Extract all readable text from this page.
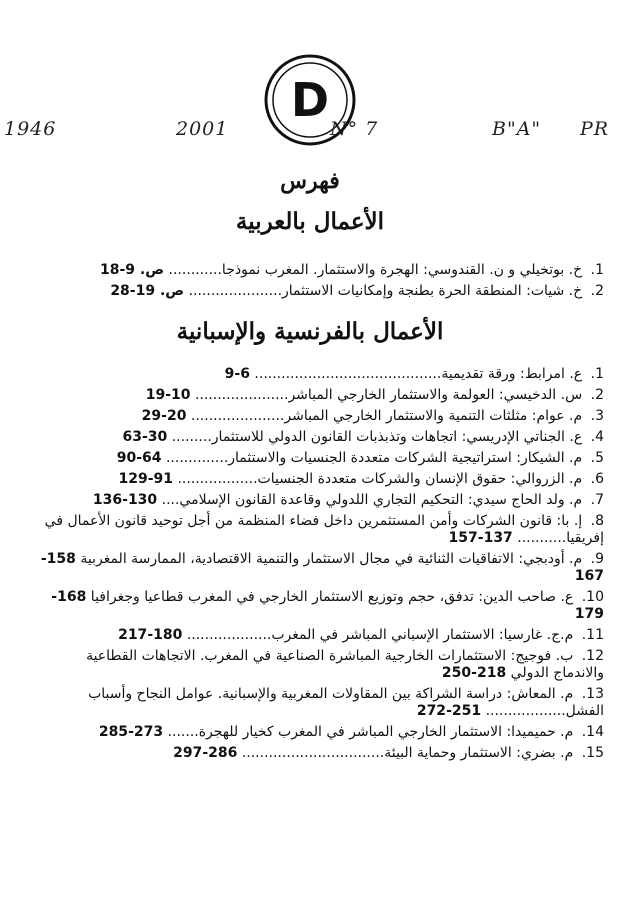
1946	2001	N° 7	B"A" PR
D
فهرس
الأعمال بالعربية
1. خ. بوتخيلي و ن. القندوسي: الهجرة والاستثمار. المغرب نموذجا............ ص. 9-18
2. خ. شيات: المنطقة الحرة بطنجة وإمكانيات الاستثمار..................... ص. 19-28
الأعمال بالفرنسية والإسبانية
1. ع. امرابط: ورقة تقديمية.......................................... 6-9
2. س. الدخيسي: العولمة والاستثمار الخارجي المباشر..................... 10-19
3. م. عوام: مثلثات التنمية والاستثمار الخارجي المباشر..................... 20-29
4. ع. الجناتي الإدريسي: اتجاهات وتذبذبات القانون الدولي للاستثمار......... 30-63
5. م. الشيكار: استراتيجية الشركات متعددة الجنسيات والاستثمار.............. 64-90
6. م. الزروالي: حقوق الإنسان والشركات متعددة الجنسيات.................. 91-129
7. م. ولد الحاج سيدي: التحكيم التجاري اللدولي وقاعدة القانون الإسلامي.... 130-136
8. إ. با: قانون الشركات وأمن المستثمرين داخل فضاء المنظمة من أجل توحيد قانون الأعمال في إفريقيا........... 137-157
9. م. أودبجي: الاتفاقيات الثنائية في مجال الاستثمار والتنمية الاقتصادية، الممارسة المغربية 158-167
10. ع. صاحب الدين: تدفق، حجم وتوزيع الاستثمار الخارجي في المغرب قطاعيا وجغرافيا 168-179
11. م.ج. غارسيا: الاستثمار الإسباني المباشر في المغرب................... 180-217
12. ب. فوجيج: الاستثمارات الخارجية المباشرة الصناعية في المغرب. الاتجاهات القطاعية والاندماج الدولي 218-250
13. م. المعاش: دراسة الشراكة بين المقاولات المغربية والإسبانية. عوامل النجاح وأسباب الفشل.................. 251-272
14. م. حميميدا: الاستثمار الخارجي المباشر في المغرب كخيار للهجرة....... 273-285
15. م. بضري: الاستثمار وحماية البيئة................................ 286-297
